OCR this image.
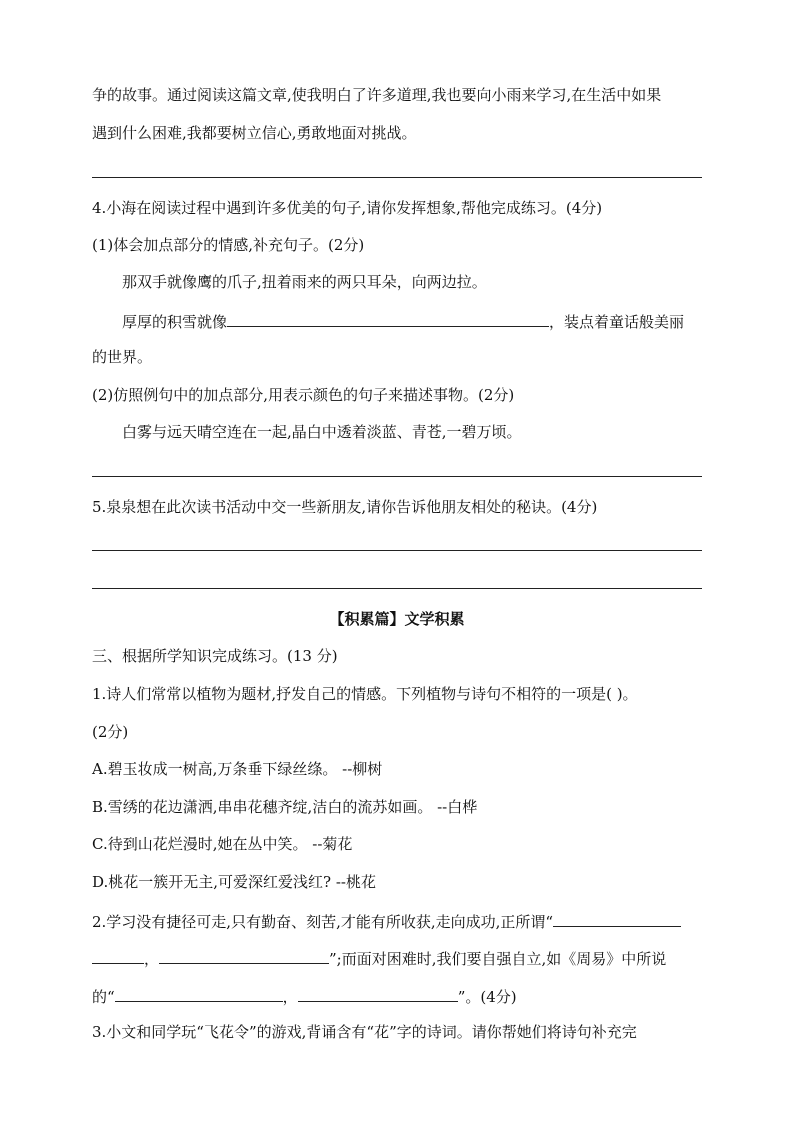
争的故事。通过阅读这篇文章,使我明白了许多道理,我也要向小雨来学习,在生活中如果
遇到什么困难,我都要树立信心,勇敢地面对挑战。
4.小海在阅读过程中遇到许多优美的句子,请你发挥想象,帮他完成练习。(4分)
(1)体会加点部分的情感,补充句子。(2分)
那双手就像鹰的爪子,扭着雨来的两只耳朵，向两边拉。
厚厚的积雪就像	，装点着童话般美丽
的世界。
(2)仿照例句中的加点部分,用表示颜色的句子来描述事物。(2分)
白雾与远天晴空连在一起,晶白中透着淡蓝、青苍,一碧万顷。
5.泉泉想在此次读书活动中交一些新朋友,请你告诉他朋友相处的秘诀。(4分)
【积累篇】文学积累
三、根据所学知识完成练习。(13 分)
1.诗人们常常以植物为题材,抒发自己的情感。下列植物与诗句不相符的一项是( )。
(2分)
A.碧玉妆成一树高,万条垂下绿丝绦。 --柳树
B.雪绣的花边潇洒,串串花穗齐绽,洁白的流苏如画。 --白桦
C.待到山花烂漫时,她在丛中笑。 --菊花
D.桃花一簇开无主,可爱深红爱浅红? --桃花
2.学习没有捷径可走,只有勤奋、刻苦,才能有所收获,走向成功,正所谓“
，	”;而面对困难时,我们要自强自立,如《周易》中所说
的“	，	”。(4分)
3.小文和同学玩“飞花令”的游戏,背诵含有“花”字的诗词。请你帮她们将诗句补充完
